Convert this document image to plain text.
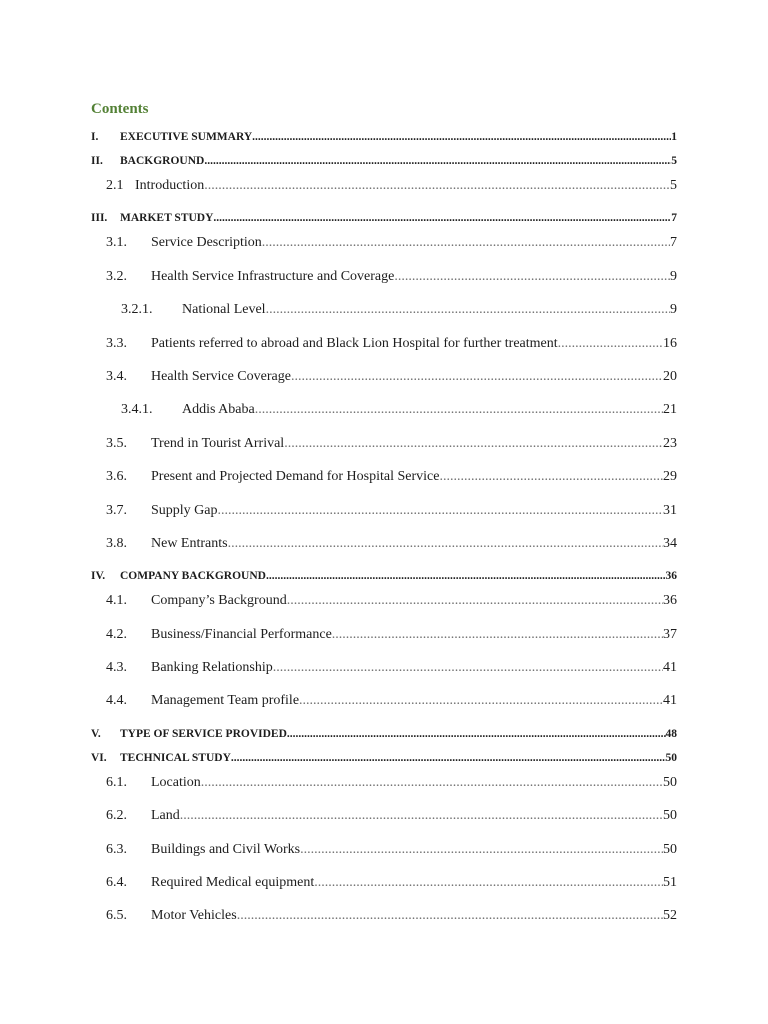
Contents
I.	EXECUTIVE SUMMARY .....	1
II.	BACKGROUND .....	5
2.1 Introduction .....	5
III.	MARKET STUDY .....	7
3.1.	Service Description .....	7
3.2.	Health Service Infrastructure and Coverage .....	9
3.2.1.	National Level .....	9
3.3.	Patients referred to abroad and Black Lion Hospital for further treatment .....	16
3.4.	Health Service Coverage .....	20
3.4.1.	Addis Ababa .....	21
3.5.	Trend in Tourist Arrival .....	23
3.6.	Present and Projected Demand for Hospital Service .....	29
3.7.	Supply Gap .....	31
3.8.	New Entrants .....	34
IV.	COMPANY BACKGROUND .....	36
4.1.	Company’s Background .....	36
4.2.	Business/Financial Performance .....	37
4.3.	Banking Relationship .....	41
4.4.	Management Team profile .....	41
V.	TYPE OF SERVICE PROVIDED .....	48
VI.	TECHNICAL STUDY .....	50
6.1.	Location .....	50
6.2.	Land .....	50
6.3.	Buildings and Civil Works .....	50
6.4.	Required Medical equipment .....	51
6.5.	Motor Vehicles .....	52
